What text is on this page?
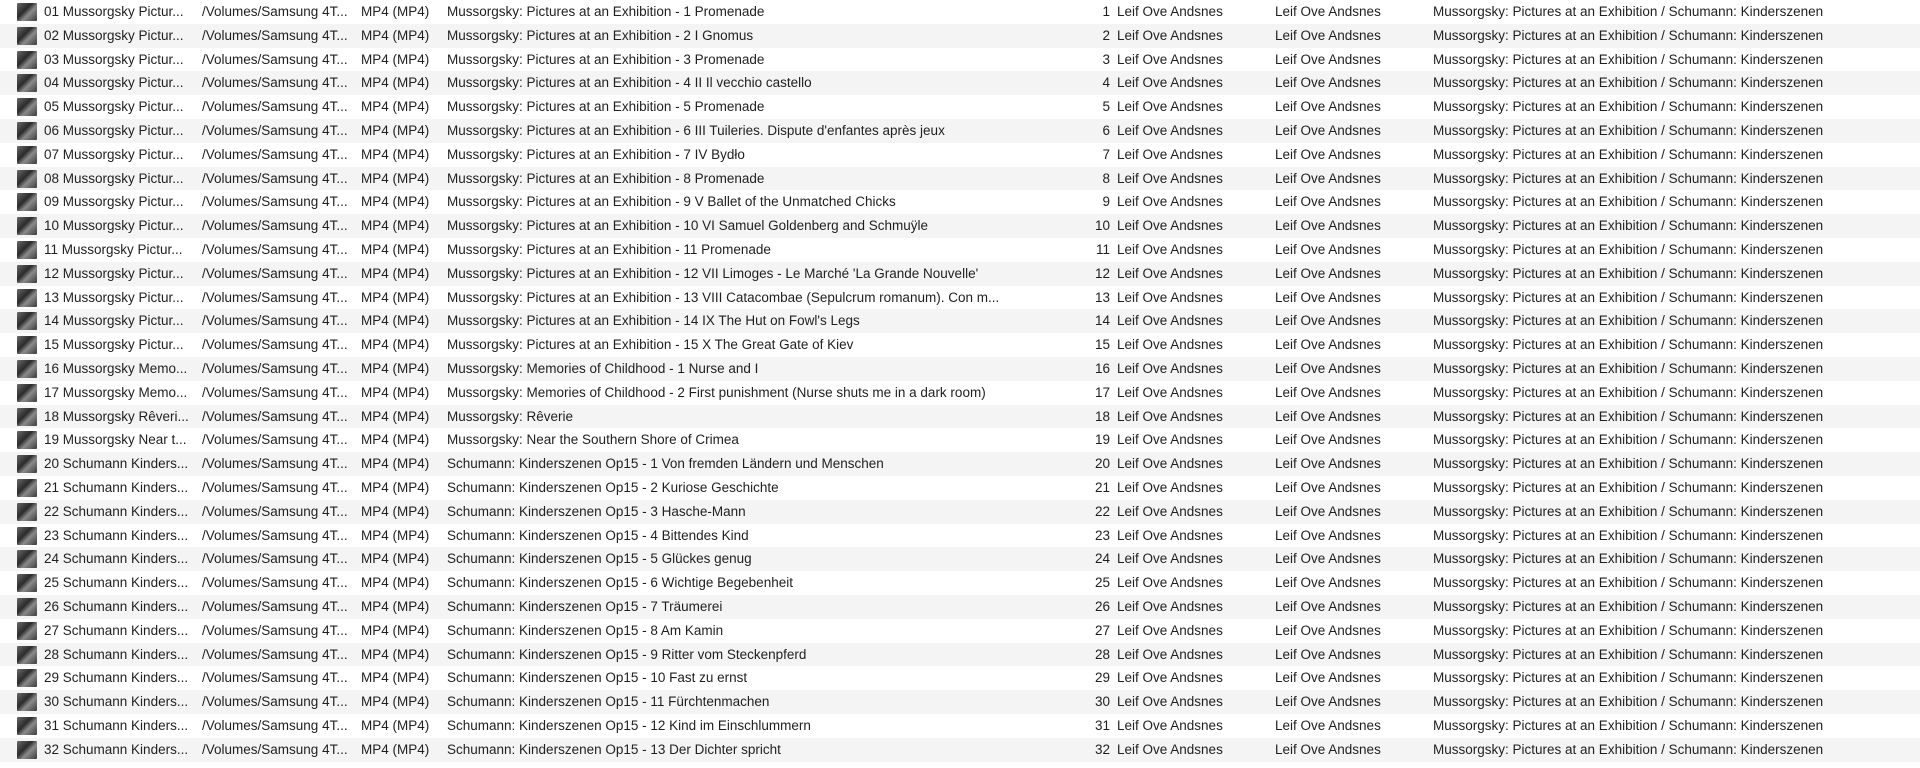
01 Mussorgsky Pictur...	/Volumes/Samsung 4T... MP4 (MP4)	Mussorgsky: Pictures at an Exhibition - 1 Promenade	1 Leif Ove Andsnes	Leif Ove Andsnes	Mussorgsky: Pictures at an Exhibition / Schumann: Kinderszenen
02 Mussorgsky Pictur...	/Volumes/Samsung 4T... MP4 (MP4)	Mussorgsky: Pictures at an Exhibition - 2 I Gnomus	2 Leif Ove Andsnes	Leif Ove Andsnes	Mussorgsky: Pictures at an Exhibition / Schumann: Kinderszenen
03 Mussorgsky Pictur...	/Volumes/Samsung 4T... MP4 (MP4)	Mussorgsky: Pictures at an Exhibition - 3 Promenade	3 Leif Ove Andsnes	Leif Ove Andsnes	Mussorgsky: Pictures at an Exhibition / Schumann: Kinderszenen
04 Mussorgsky Pictur...	/Volumes/Samsung 4T... MP4 (MP4)	Mussorgsky: Pictures at an Exhibition - 4 II Il vecchio castello	4 Leif Ove Andsnes	Leif Ove Andsnes	Mussorgsky: Pictures at an Exhibition / Schumann: Kinderszenen
05 Mussorgsky Pictur...	/Volumes/Samsung 4T... MP4 (MP4)	Mussorgsky: Pictures at an Exhibition - 5 Promenade	5 Leif Ove Andsnes	Leif Ove Andsnes	Mussorgsky: Pictures at an Exhibition / Schumann: Kinderszenen
06 Mussorgsky Pictur...	/Volumes/Samsung 4T... MP4 (MP4)	Mussorgsky: Pictures at an Exhibition - 6 III Tuileries. Dispute d'enfantes après jeux	6 Leif Ove Andsnes	Leif Ove Andsnes	Mussorgsky: Pictures at an Exhibition / Schumann: Kinderszenen
07 Mussorgsky Pictur...	/Volumes/Samsung 4T... MP4 (MP4)	Mussorgsky: Pictures at an Exhibition - 7 IV Bydło	7 Leif Ove Andsnes	Leif Ove Andsnes	Mussorgsky: Pictures at an Exhibition / Schumann: Kinderszenen
08 Mussorgsky Pictur...	/Volumes/Samsung 4T... MP4 (MP4)	Mussorgsky: Pictures at an Exhibition - 8 Promenade	8 Leif Ove Andsnes	Leif Ove Andsnes	Mussorgsky: Pictures at an Exhibition / Schumann: Kinderszenen
09 Mussorgsky Pictur...	/Volumes/Samsung 4T... MP4 (MP4)	Mussorgsky: Pictures at an Exhibition - 9 V Ballet of the Unmatched Chicks	9 Leif Ove Andsnes	Leif Ove Andsnes	Mussorgsky: Pictures at an Exhibition / Schumann: Kinderszenen
10 Mussorgsky Pictur...	/Volumes/Samsung 4T... MP4 (MP4)	Mussorgsky: Pictures at an Exhibition - 10 VI Samuel Goldenberg and Schmuÿle	10 Leif Ove Andsnes	Leif Ove Andsnes	Mussorgsky: Pictures at an Exhibition / Schumann: Kinderszenen
11 Mussorgsky Pictur...	/Volumes/Samsung 4T... MP4 (MP4)	Mussorgsky: Pictures at an Exhibition - 11 Promenade	11 Leif Ove Andsnes	Leif Ove Andsnes	Mussorgsky: Pictures at an Exhibition / Schumann: Kinderszenen
12 Mussorgsky Pictur...	/Volumes/Samsung 4T... MP4 (MP4)	Mussorgsky: Pictures at an Exhibition - 12 VII Limoges - Le Marché 'La Grande Nouvelle'	12 Leif Ove Andsnes	Leif Ove Andsnes	Mussorgsky: Pictures at an Exhibition / Schumann: Kinderszenen
13 Mussorgsky Pictur...	/Volumes/Samsung 4T... MP4 (MP4)	Mussorgsky: Pictures at an Exhibition - 13 VIII Catacombae (Sepulcrum romanum). Con m...	13 Leif Ove Andsnes	Leif Ove Andsnes	Mussorgsky: Pictures at an Exhibition / Schumann: Kinderszenen
14 Mussorgsky Pictur...	/Volumes/Samsung 4T... MP4 (MP4)	Mussorgsky: Pictures at an Exhibition - 14 IX The Hut on Fowl's Legs	14 Leif Ove Andsnes	Leif Ove Andsnes	Mussorgsky: Pictures at an Exhibition / Schumann: Kinderszenen
15 Mussorgsky Pictur...	/Volumes/Samsung 4T... MP4 (MP4)	Mussorgsky: Pictures at an Exhibition - 15 X The Great Gate of Kiev	15 Leif Ove Andsnes	Leif Ove Andsnes	Mussorgsky: Pictures at an Exhibition / Schumann: Kinderszenen
16 Mussorgsky Memo...	/Volumes/Samsung 4T... MP4 (MP4)	Mussorgsky: Memories of Childhood - 1 Nurse and I	16 Leif Ove Andsnes	Leif Ove Andsnes	Mussorgsky: Pictures at an Exhibition / Schumann: Kinderszenen
17 Mussorgsky Memo...	/Volumes/Samsung 4T... MP4 (MP4)	Mussorgsky: Memories of Childhood - 2 First punishment (Nurse shuts me in a dark room)	17 Leif Ove Andsnes	Leif Ove Andsnes	Mussorgsky: Pictures at an Exhibition / Schumann: Kinderszenen
18 Mussorgsky Rêveri... /Volumes/Samsung 4T... MP4 (MP4)	Mussorgsky: Rêverie	18 Leif Ove Andsnes	Leif Ove Andsnes	Mussorgsky: Pictures at an Exhibition / Schumann: Kinderszenen
19 Mussorgsky Near t...	/Volumes/Samsung 4T... MP4 (MP4)	Mussorgsky: Near the Southern Shore of Crimea	19 Leif Ove Andsnes	Leif Ove Andsnes	Mussorgsky: Pictures at an Exhibition / Schumann: Kinderszenen
20 Schumann Kinders...	/Volumes/Samsung 4T... MP4 (MP4)	Schumann: Kinderszenen Op15 - 1 Von fremden Ländern und Menschen	20 Leif Ove Andsnes	Leif Ove Andsnes	Mussorgsky: Pictures at an Exhibition / Schumann: Kinderszenen
21 Schumann Kinders...	/Volumes/Samsung 4T... MP4 (MP4)	Schumann: Kinderszenen Op15 - 2 Kuriose Geschichte	21 Leif Ove Andsnes	Leif Ove Andsnes	Mussorgsky: Pictures at an Exhibition / Schumann: Kinderszenen
22 Schumann Kinders...	/Volumes/Samsung 4T... MP4 (MP4)	Schumann: Kinderszenen Op15 - 3 Hasche-Mann	22 Leif Ove Andsnes	Leif Ove Andsnes	Mussorgsky: Pictures at an Exhibition / Schumann: Kinderszenen
23 Schumann Kinders...	/Volumes/Samsung 4T... MP4 (MP4)	Schumann: Kinderszenen Op15 - 4 Bittendes Kind	23 Leif Ove Andsnes	Leif Ove Andsnes	Mussorgsky: Pictures at an Exhibition / Schumann: Kinderszenen
24 Schumann Kinders...	/Volumes/Samsung 4T... MP4 (MP4)	Schumann: Kinderszenen Op15 - 5 Glückes genug	24 Leif Ove Andsnes	Leif Ove Andsnes	Mussorgsky: Pictures at an Exhibition / Schumann: Kinderszenen
25 Schumann Kinders...	/Volumes/Samsung 4T... MP4 (MP4)	Schumann: Kinderszenen Op15 - 6 Wichtige Begebenheit	25 Leif Ove Andsnes	Leif Ove Andsnes	Mussorgsky: Pictures at an Exhibition / Schumann: Kinderszenen
26 Schumann Kinders...	/Volumes/Samsung 4T... MP4 (MP4)	Schumann: Kinderszenen Op15 - 7 Träumerei	26 Leif Ove Andsnes	Leif Ove Andsnes	Mussorgsky: Pictures at an Exhibition / Schumann: Kinderszenen
27 Schumann Kinders...	/Volumes/Samsung 4T... MP4 (MP4)	Schumann: Kinderszenen Op15 - 8 Am Kamin	27 Leif Ove Andsnes	Leif Ove Andsnes	Mussorgsky: Pictures at an Exhibition / Schumann: Kinderszenen
28 Schumann Kinders...	/Volumes/Samsung 4T... MP4 (MP4)	Schumann: Kinderszenen Op15 - 9 Ritter vom Steckenpferd	28 Leif Ove Andsnes	Leif Ove Andsnes	Mussorgsky: Pictures at an Exhibition / Schumann: Kinderszenen
29 Schumann Kinders...	/Volumes/Samsung 4T... MP4 (MP4)	Schumann: Kinderszenen Op15 - 10 Fast zu ernst	29 Leif Ove Andsnes	Leif Ove Andsnes	Mussorgsky: Pictures at an Exhibition / Schumann: Kinderszenen
30 Schumann Kinders...	/Volumes/Samsung 4T... MP4 (MP4)	Schumann: Kinderszenen Op15 - 11 Fürchtenmachen	30 Leif Ove Andsnes	Leif Ove Andsnes	Mussorgsky: Pictures at an Exhibition / Schumann: Kinderszenen
31 Schumann Kinders...	/Volumes/Samsung 4T... MP4 (MP4)	Schumann: Kinderszenen Op15 - 12 Kind im Einschlummern	31 Leif Ove Andsnes	Leif Ove Andsnes	Mussorgsky: Pictures at an Exhibition / Schumann: Kinderszenen
32 Schumann Kinders...	/Volumes/Samsung 4T... MP4 (MP4)	Schumann: Kinderszenen Op15 - 13 Der Dichter spricht	32 Leif Ove Andsnes	Leif Ove Andsnes	Mussorgsky: Pictures at an Exhibition / Schumann: Kinderszenen
